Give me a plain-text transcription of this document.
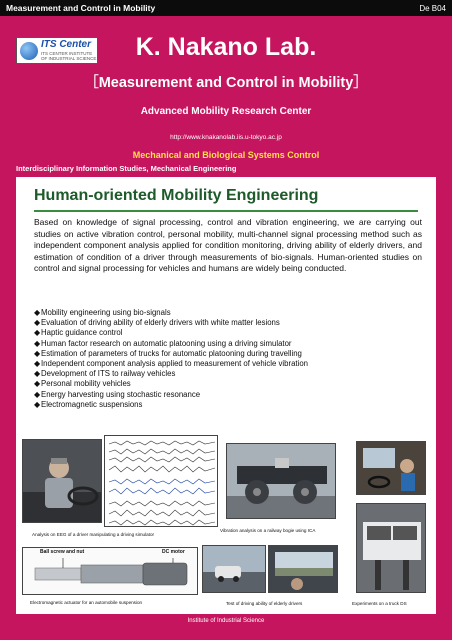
Measurement and Control in Mobility	De B04
ITS Center
ITS CENTER INSTITUTE OF INDUSTRIAL SCIENCE	K. Nakano Lab.
［Measurement and Control in Mobility］
Advanced Mobility Research Center
http://www.knakanolab.iis.u-tokyo.ac.jp
Mechanical and Biological Systems Control
Interdisciplinary Information Studies, Mechanical Engineering
Human-oriented Mobility Engineering

Based on knowledge of signal processing, control and vibration engineering, we are carrying out studies on active vibration control, personal mobility, multi-channel signal processing method such as independent component analysis applied for condition monitoring, driving ability of elderly drivers, and estimation of condition of a driver through measurements of bio-signals. Human-oriented studies on control and signal processing for vehicles and humans are widely being conducted.

◆Mobility engineering using bio-signals
◆Evaluation of driving ability of elderly drivers with white matter lesions
◆Haptic guidance control
◆Human factor research on automatic platooning using a driving simulator
◆Estimation of parameters of trucks for automatic platooning during travelling
◆Independent component analysis applied to measurement of vehicle vibration
◆Development of ITS to railway vehicles
◆Personal mobility vehicles
◆Energy harvesting using stochastic resonance
◆Electromagnetic suspensions
Analysis on EEG of a driver manipulating a driving simulator
Vibration analysis on a railway bogie using ICA
Experiments on a truck DS
Ball screw and nut	DC motor
Electromagnetic actuator for an automobile suspension	Test of driving ability of elderly drivers
Institute of Industrial Science
